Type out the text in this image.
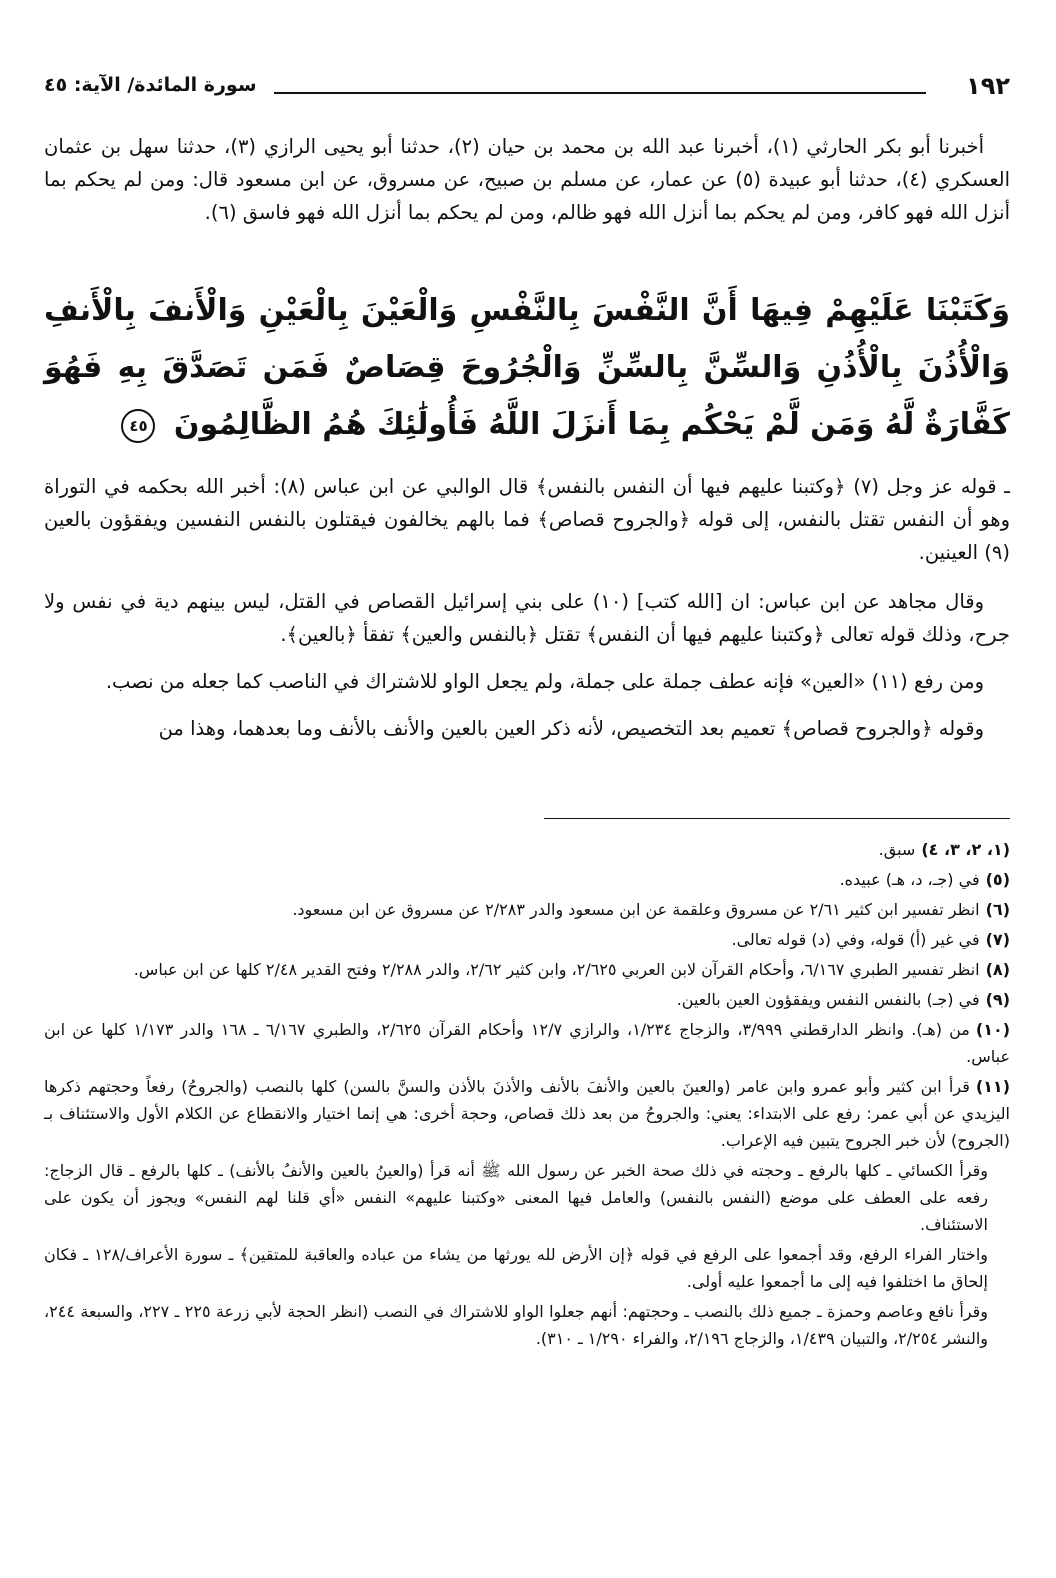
١٩٢
سورة المائدة/ الآية: ٤٥

أخبرنا أبو بكر الحارثي (١)، أخبرنا عبد الله بن محمد بن حيان (٢)، حدثنا أبو يحيى الرازي (٣)، حدثنا سهل بن عثمان العسكري (٤)، حدثنا أبو عبيدة (٥) عن عمار، عن مسلم بن صبيح، عن مسروق، عن ابن مسعود قال: ومن لم يحكم بما أنزل الله فهو كافر، ومن لم يحكم بما أنزل الله فهو ظالم، ومن لم يحكم بما أنزل الله فهو فاسق (٦).

وَكَتَبْنَا عَلَيْهِمْ فِيهَا أَنَّ النَّفْسَ بِالنَّفْسِ وَالْعَيْنَ بِالْعَيْنِ وَالْأَنفَ بِالْأَنفِ وَالْأُذُنَ بِالْأُذُنِ وَالسِّنَّ بِالسِّنِّ وَالْجُرُوحَ قِصَاصٌ فَمَن تَصَدَّقَ بِهِ فَهُوَ كَفَّارَةٌ لَّهُ وَمَن لَّمْ يَحْكُم بِمَا أَنزَلَ اللَّهُ فَأُولَٰئِكَ هُمُ الظَّالِمُونَ ٤٥

ـ قوله عز وجل (٧) ﴿وكتبنا عليهم فيها أن النفس بالنفس﴾ قال الوالبي عن ابن عباس (٨): أخبر الله بحكمه في التوراة وهو أن النفس تقتل بالنفس، إلى قوله ﴿والجروح قصاص﴾ فما بالهم يخالفون فيقتلون بالنفس النفسين ويفقؤون بالعين (٩) العينين.

وقال مجاهد عن ابن عباس: ان [الله كتب] (١٠) على بني إسرائيل القصاص في القتل، ليس بينهم دية في نفس ولا جرح، وذلك قوله تعالى ﴿وكتبنا عليهم فيها أن النفس﴾ تقتل ﴿بالنفس والعين﴾ تفقأ ﴿بالعين﴾.

ومن رفع (١١) «العين» فإنه عطف جملة على جملة، ولم يجعل الواو للاشتراك في الناصب كما جعله من نصب.

وقوله ﴿والجروح قصاص﴾ تعميم بعد التخصيص، لأنه ذكر العين بالعين والأنف بالأنف وما بعدهما، وهذا من

(١، ٢، ٣، ٤)سبق.
(٥)في (جـ، د، هـ) عبيده.
(٦)انظر تفسير ابن كثير ٢/٦١ عن مسروق وعلقمة عن ابن مسعود والدر ٢/٢٨٣ عن مسروق عن ابن مسعود.
(٧)في غير (أ) قوله، وفي (د) قوله تعالى.
(٨)انظر تفسير الطبري ٦/١٦٧، وأحكام القرآن لابن العربي ٢/٦٢٥، وابن كثير ٢/٦٢، والدر ٢/٢٨٨ وفتح القدير ٢/٤٨ كلها عن ابن عباس.
(٩)في (جـ) بالنفس النفس ويفقؤون العين بالعين.
(١٠)من (هـ). وانظر الدارقطني ٣/٩٩٩، والزجاج ١/٢٣٤، والرازي ١٢/٧ وأحكام القرآن ٢/٦٢٥، والطبري ٦/١٦٧ ـ ١٦٨ والدر ١/١٧٣ كلها عن ابن عباس.
(١١)قرأ ابن كثير وأبو عمرو وابن عامر (والعينَ بالعين والأنفَ بالأنف والأذنَ بالأذن والسنَّ بالسن) كلها بالنصب (والجروحُ) رفعاً وحجتهم ذكرها اليزيدي عن أبي عمر: رفع على الابتداء: يعني: والجروحُ من بعد ذلك قصاص، وحجة أخرى: هي إنما اختيار والانقطاع عن الكلام الأول والاستئناف بـ (الجروح) لأن خبر الجروح يتبين فيه الإعراب.
وقرأ الكسائي ـ كلها بالرفع ـ وحجته في ذلك صحة الخبر عن رسول الله ﷺ أنه قرأ (والعينُ بالعين والأنفُ بالأنف) ـ كلها بالرفع ـ قال الزجاج: رفعه على العطف على موضع (النفس بالنفس) والعامل فيها المعنى «وكتبنا عليهم» النفس «أي قلنا لهم النفس» ويجوز أن يكون على الاستئناف.
واختار الفراء الرفع، وقد أجمعوا على الرفع في قوله ﴿إن الأرض لله يورثها من يشاء من عباده والعاقبة للمتقين﴾ ـ سورة الأعراف/١٢٨ ـ فكان إلحاق ما اختلفوا فيه إلى ما أجمعوا عليه أولى.
وقرأ نافع وعاصم وحمزة ـ جميع ذلك بالنصب ـ وحجتهم: أنهم جعلوا الواو للاشتراك في النصب (انظر الحجة لأبي زرعة ٢٢٥ ـ ٢٢٧، والسبعة ٢٤٤، والنشر ٢/٢٥٤، والتبيان ١/٤٣٩، والزجاج ٢/١٩٦، والفراء ١/٢٩٠ ـ ٣١٠).
